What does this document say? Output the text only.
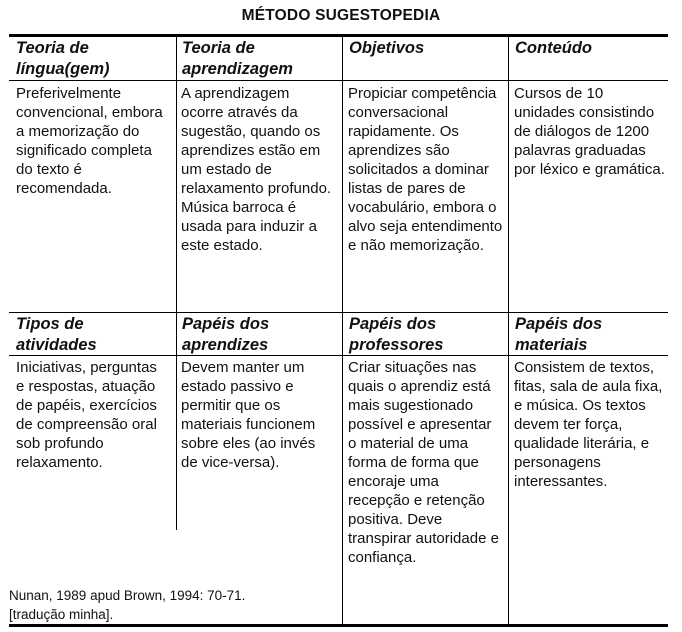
MÉTODO SUGESTOPEDIA
Teoria de língua(gem)
Teoria de aprendizagem
Objetivos	Conteúdo
Preferivelmente convencional, embora a memorização do significado completa do texto é recomendada.
A aprendizagem ocorre através da sugestão, quando os aprendizes estão em um estado de relaxamento profundo. Música barroca é usada para induzir a este estado.
Propiciar competência conversacional rapidamente. Os aprendizes são solicitados a dominar listas de pares de vocabulário, embora o alvo seja entendimento e não memorização.
Cursos de 10 unidades consistindo de diálogos de 1200 palavras graduadas por léxico e gramática.
Tipos de atividades
Papéis dos aprendizes
Papéis dos professores
Papéis dos materiais
Iniciativas, perguntas e respostas, atuação de papéis, exercícios de compreensão oral sob profundo relaxamento.
Devem manter um estado passivo e permitir que os materiais funcionem sobre eles (ao invés de vice-versa).
Criar situações nas quais o aprendiz está mais sugestionado possível e apresentar o material de uma forma de forma que encoraje uma recepção e retenção positiva. Deve transpirar autoridade e confiança.
Consistem de textos, fitas, sala de aula fixa, e música. Os textos devem ter força, qualidade literária, e personagens interessantes.
Nunan, 1989 apud Brown, 1994: 70-71.
[tradução minha].
